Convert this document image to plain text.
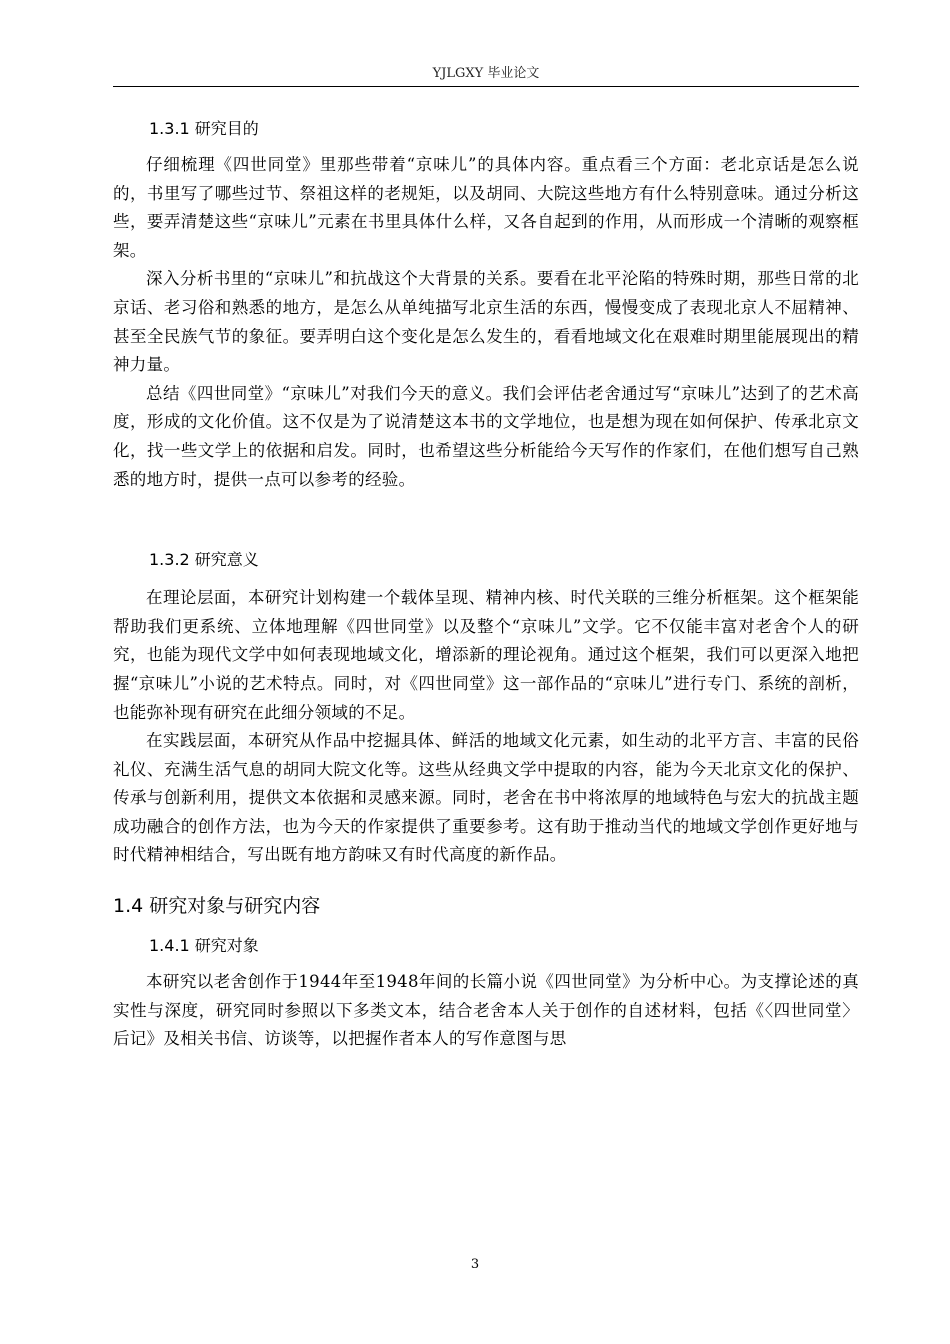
YJLGXY 毕业论文
1.3.1 研究目的

仔细梳理《四世同堂》里那些带着“京味儿”的具体内容。重点看三个方面：老北京话是怎么说的，书里写了哪些过节、祭祖这样的老规矩，以及胡同、大院这些地方有什么特别意味。通过分析这些，要弄清楚这些“京味儿”元素在书里具体什么样，又各自起到的作用，从而形成一个清晰的观察框架。

深入分析书里的“京味儿”和抗战这个大背景的关系。要看在北平沦陷的特殊时期，那些日常的北京话、老习俗和熟悉的地方，是怎么从单纯描写北京生活的东西，慢慢变成了表现北京人不屈精神、甚至全民族气节的象征。要弄明白这个变化是怎么发生的，看看地域文化在艰难时期里能展现出的精神力量。

总结《四世同堂》“京味儿”对我们今天的意义。我们会评估老舍通过写“京味儿”达到了的艺术高度，形成的文化价值。这不仅是为了说清楚这本书的文学地位，也是想为现在如何保护、传承北京文化，找一些文学上的依据和启发。同时，也希望这些分析能给今天写作的作家们，在他们想写自己熟悉的地方时，提供一点可以参考的经验。

1.3.2 研究意义

在理论层面，本研究计划构建一个载体呈现、精神内核、时代关联的三维分析框架。这个框架能帮助我们更系统、立体地理解《四世同堂》以及整个“京味儿”文学。它不仅能丰富对老舍个人的研究，也能为现代文学中如何表现地域文化，增添新的理论视角。通过这个框架，我们可以更深入地把握“京味儿”小说的艺术特点。同时，对《四世同堂》这一部作品的“京味儿”进行专门、系统的剖析，也能弥补现有研究在此细分领域的不足。

在实践层面，本研究从作品中挖掘具体、鲜活的地域文化元素，如生动的北平方言、丰富的民俗礼仪、充满生活气息的胡同大院文化等。这些从经典文学中提取的内容，能为今天北京文化的保护、传承与创新利用，提供文本依据和灵感来源。同时，老舍在书中将浓厚的地域特色与宏大的抗战主题成功融合的创作方法，也为今天的作家提供了重要参考。这有助于推动当代的地域文学创作更好地与时代精神相结合，写出既有地方韵味又有时代高度的新作品。

1.4 研究对象与研究内容
1.4.1 研究对象

本研究以老舍创作于1944年至1948年间的长篇小说《四世同堂》为分析中心。为支撑论述的真实性与深度，研究同时参照以下多类文本，结合老舍本人关于创作的自述材料，包括《〈四世同堂〉后记》及相关书信、访谈等，以把握作者本人的写作意图与思

3
